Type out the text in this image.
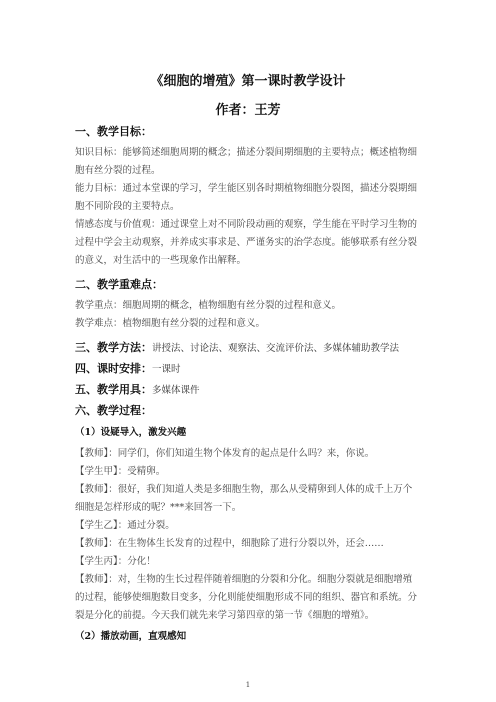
《细胞的增殖》第一课时教学设计
作者：王芳

一、教学目标：

知识目标：能够简述细胞周期的概念；描述分裂间期细胞的主要特点；概述植物细胞有丝分裂的过程。

能力目标：通过本堂课的学习，学生能区别各时期植物细胞分裂图，描述分裂期细胞不同阶段的主要特点。

情感态度与价值观：通过课堂上对不同阶段动画的观察，学生能在平时学习生物的过程中学会主动观察，并养成实事求是、严谨务实的治学态度。能够联系有丝分裂的意义，对生活中的一些现象作出解释。

二、教学重难点：

教学重点：细胞周期的概念，植物细胞有丝分裂的过程和意义。

教学难点：植物细胞有丝分裂的过程和意义。

三、教学方法：讲授法、讨论法、观察法、交流评价法、多媒体辅助教学法

四、课时安排：一课时

五、教学用具：多媒体课件

六、教学过程：

（1）设疑导入，激发兴趣

【教师】：同学们，你们知道生物个体发育的起点是什么吗？来，你说。

【学生甲】：受精卵。

【教师】：很好，我们知道人类是多细胞生物，那么从受精卵到人体的成千上万个细胞是怎样形成的呢？***来回答一下。

【学生乙】：通过分裂。

【教师】：在生物体生长发育的过程中，细胞除了进行分裂以外，还会……

【学生丙】：分化！

【教师】：对，生物的生长过程伴随着细胞的分裂和分化。细胞分裂就是细胞增殖的过程，能够使细胞数目变多，分化则能使细胞形成不同的组织、器官和系统。分裂是分化的前提。今天我们就先来学习第四章的第一节《细胞的增殖》。

（2）播放动画，直观感知

1
